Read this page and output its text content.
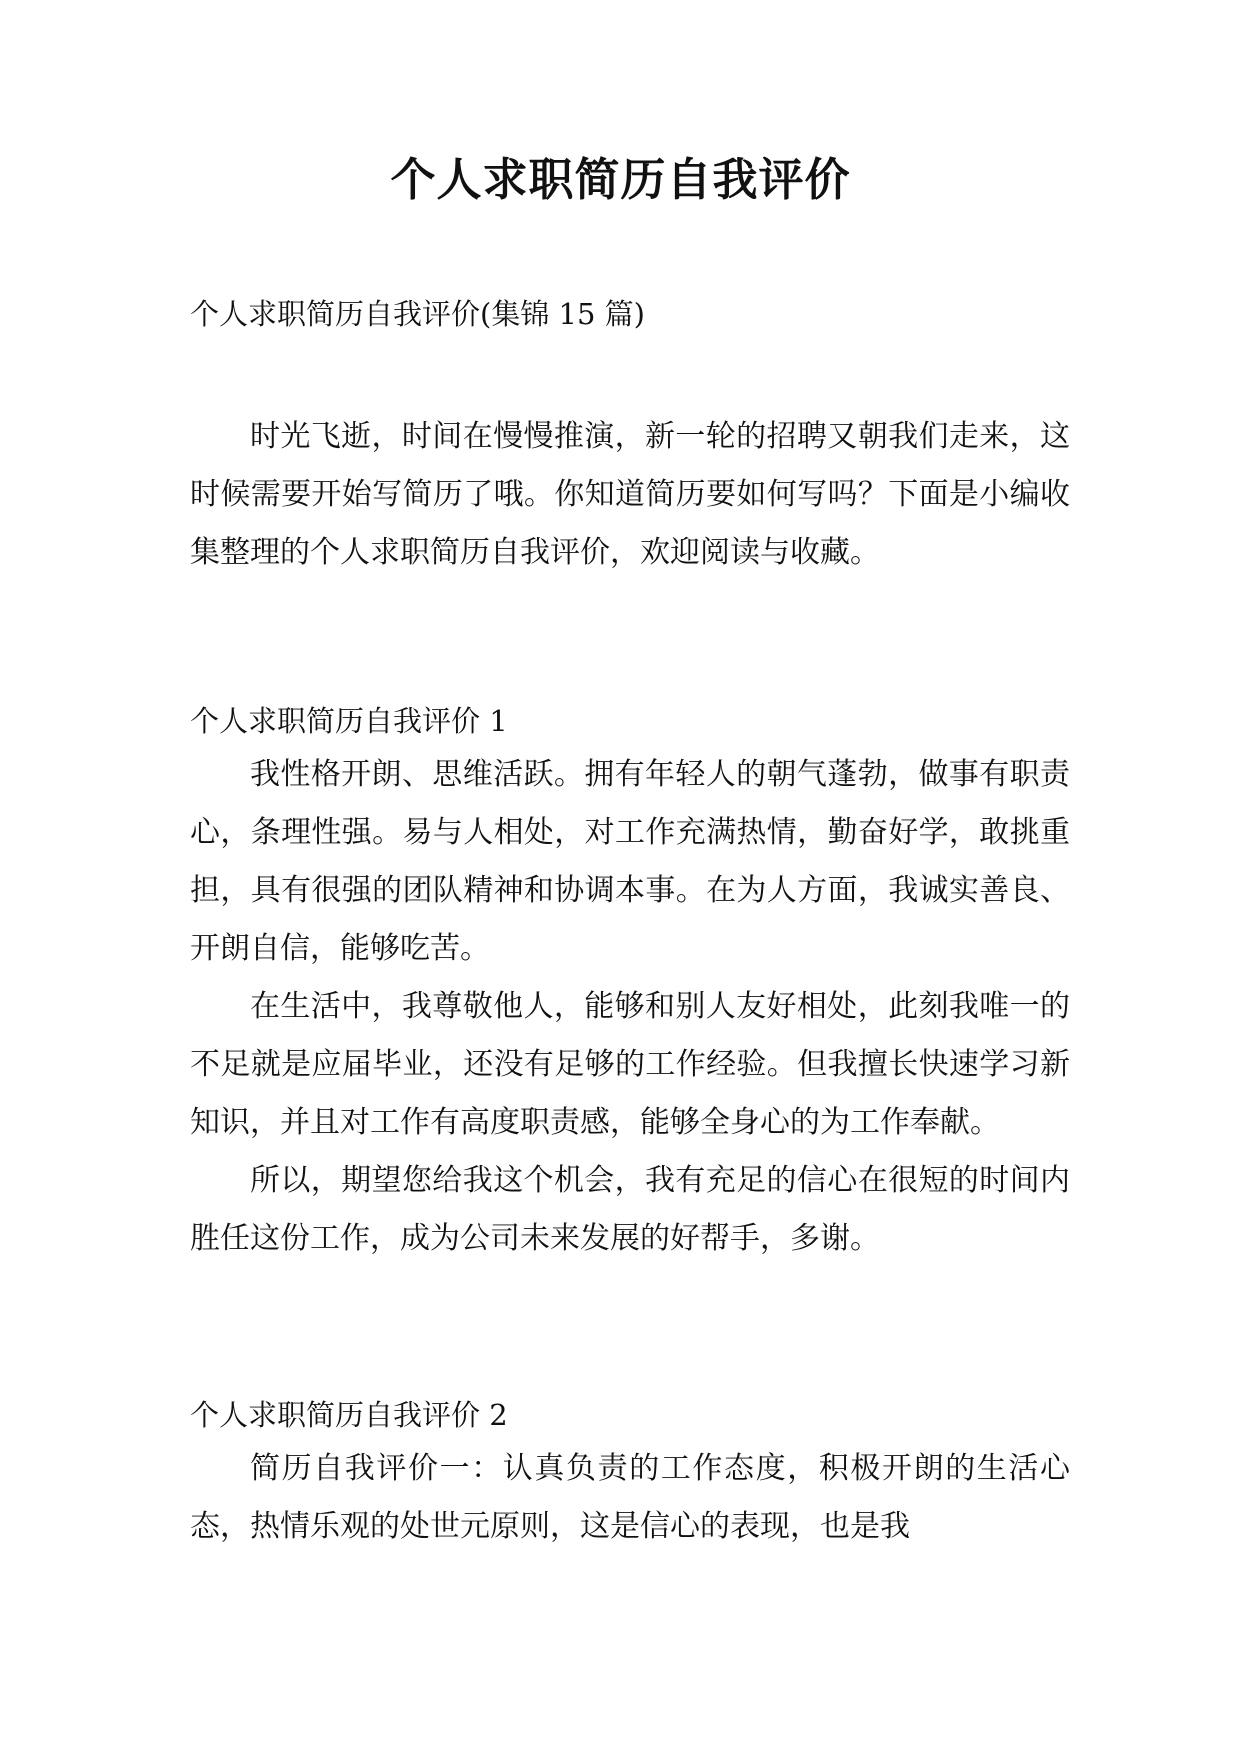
个人求职简历自我评价

个人求职简历自我评价(集锦 15 篇)

时光飞逝，时间在慢慢推演，新一轮的招聘又朝我们走来，这时候需要开始写简历了哦。你知道简历要如何写吗？下面是小编收集整理的个人求职简历自我评价，欢迎阅读与收藏。

个人求职简历自我评价 1

我性格开朗、思维活跃。拥有年轻人的朝气蓬勃，做事有职责心，条理性强。易与人相处，对工作充满热情，勤奋好学，敢挑重担，具有很强的团队精神和协调本事。在为人方面，我诚实善良、开朗自信，能够吃苦。

在生活中，我尊敬他人，能够和别人友好相处，此刻我唯一的不足就是应届毕业，还没有足够的工作经验。但我擅长快速学习新知识，并且对工作有高度职责感，能够全身心的为工作奉献。

所以，期望您给我这个机会，我有充足的信心在很短的时间内胜任这份工作，成为公司未来发展的好帮手，多谢。

个人求职简历自我评价 2

简历自我评价一：认真负责的工作态度，积极开朗的生活心态，热情乐观的处世元原则，这是信心的表现，也是我
